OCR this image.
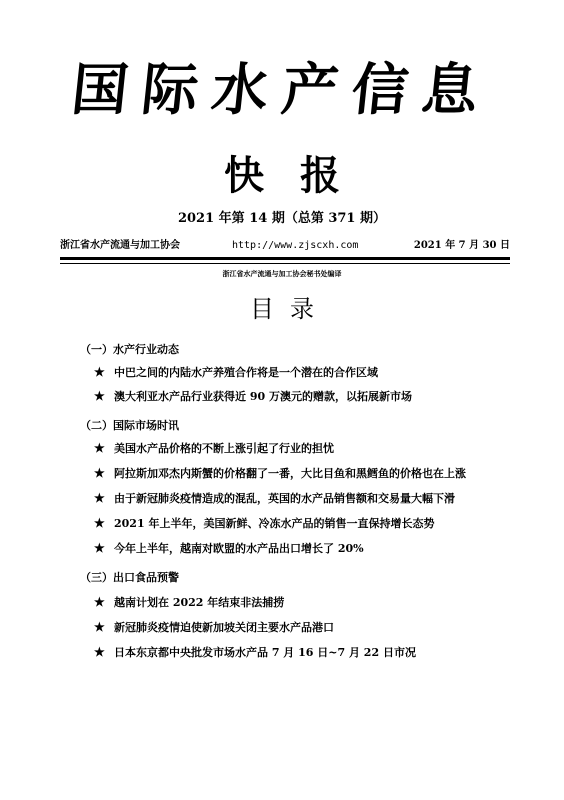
国际水产信息
快报
2021 年第 14 期（总第 371 期）
浙江省水产流通与加工协会	http://www.zjscxh.com	2021 年 7 月 30 日
浙江省水产流通与加工协会秘书处编译
目录
（一）水产行业动态
★ 中巴之间的内陆水产养殖合作将是一个潜在的合作区域
★ 澳大利亚水产品行业获得近 90 万澳元的赠款，以拓展新市场
（二）国际市场时讯
★ 美国水产品价格的不断上涨引起了行业的担忧
★ 阿拉斯加邓杰内斯蟹的价格翻了一番，大比目鱼和黑鳕鱼的价格也在上涨
★ 由于新冠肺炎疫情造成的混乱，英国的水产品销售额和交易量大幅下滑
★ 2021 年上半年，美国新鲜、冷冻水产品的销售一直保持增长态势
★ 今年上半年，越南对欧盟的水产品出口增长了 20%
（三）出口食品预警
★ 越南计划在 2022 年结束非法捕捞
★ 新冠肺炎疫情迫使新加坡关闭主要水产品港口
★ 日本东京都中央批发市场水产品 7 月 16 日~7 月 22 日市况
